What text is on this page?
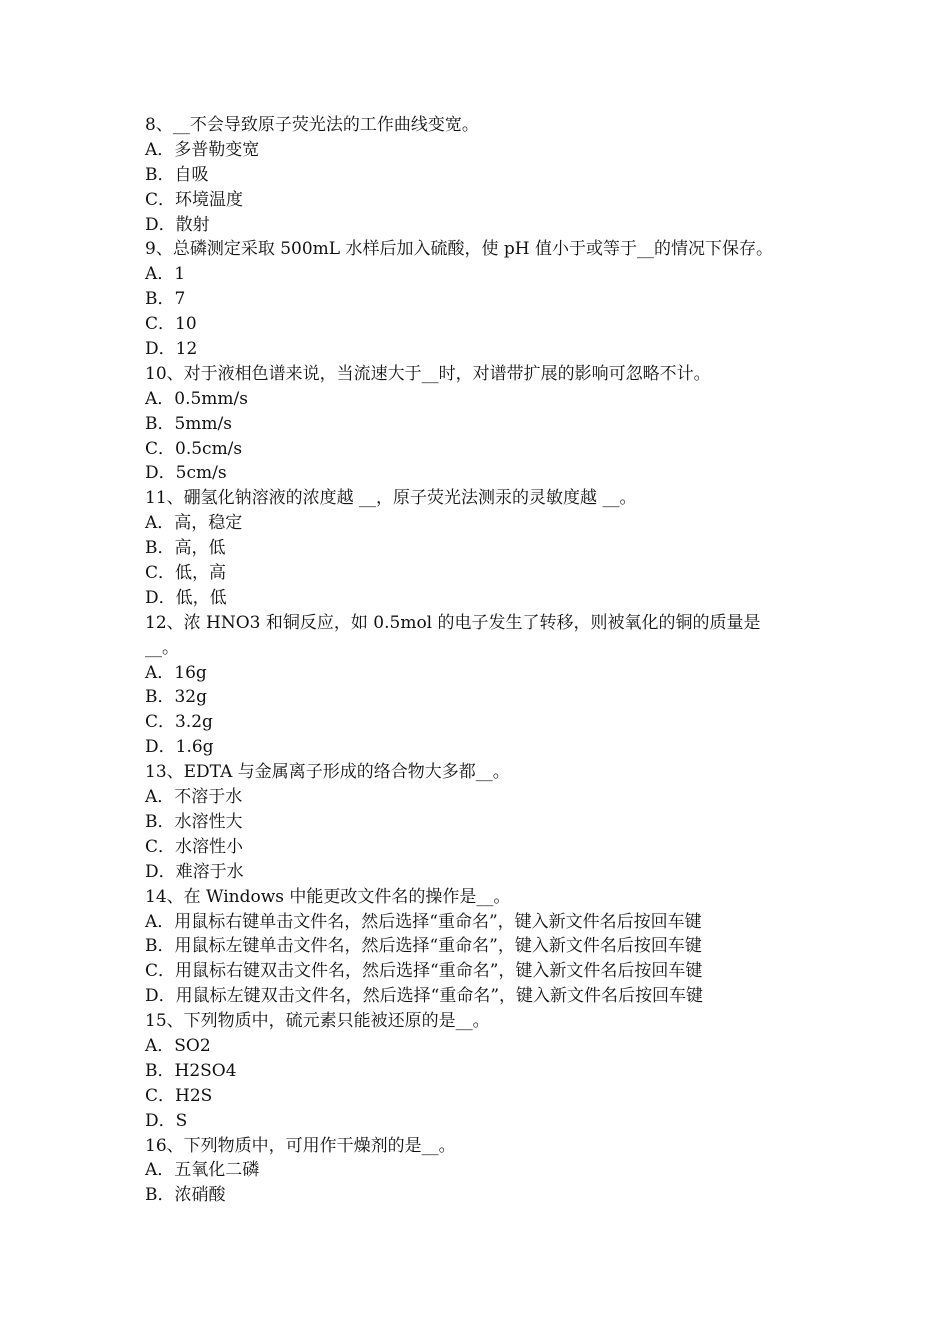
8、__不会导致原子荧光法的工作曲线变宽。
A．多普勒变宽
B．自吸
C．环境温度
D．散射
9、总磷测定采取 500mL 水样后加入硫酸，使 pH 值小于或等于__的情况下保存。
A．1
B．7
C．10
D．12
10、对于液相色谱来说，当流速大于__时，对谱带扩展的影响可忽略不计。
A．0.5mm/s
B．5mm/s
C．0.5cm/s
D．5cm/s
11、硼氢化钠溶液的浓度越 __，原子荧光法测汞的灵敏度越 __。
A．高，稳定
B．高，低
C．低，高
D．低，低
12、浓 HNO3 和铜反应，如 0.5mol 的电子发生了转移，则被氧化的铜的质量是
__。
A．16g
B．32g
C．3.2g
D．1.6g
13、EDTA 与金属离子形成的络合物大多都__。
A．不溶于水
B．水溶性大
C．水溶性小
D．难溶于水
14、在 Windows 中能更改文件名的操作是__。
A．用鼠标右键单击文件名，然后选择“重命名”，键入新文件名后按回车键
B．用鼠标左键单击文件名，然后选择“重命名”，键入新文件名后按回车键
C．用鼠标右键双击文件名，然后选择“重命名”，键入新文件名后按回车键
D．用鼠标左键双击文件名，然后选择“重命名”，键入新文件名后按回车键
15、下列物质中，硫元素只能被还原的是__。
A．SO2
B．H2SO4
C．H2S
D．S
16、下列物质中，可用作干燥剂的是__。
A．五氧化二磷
B．浓硝酸
